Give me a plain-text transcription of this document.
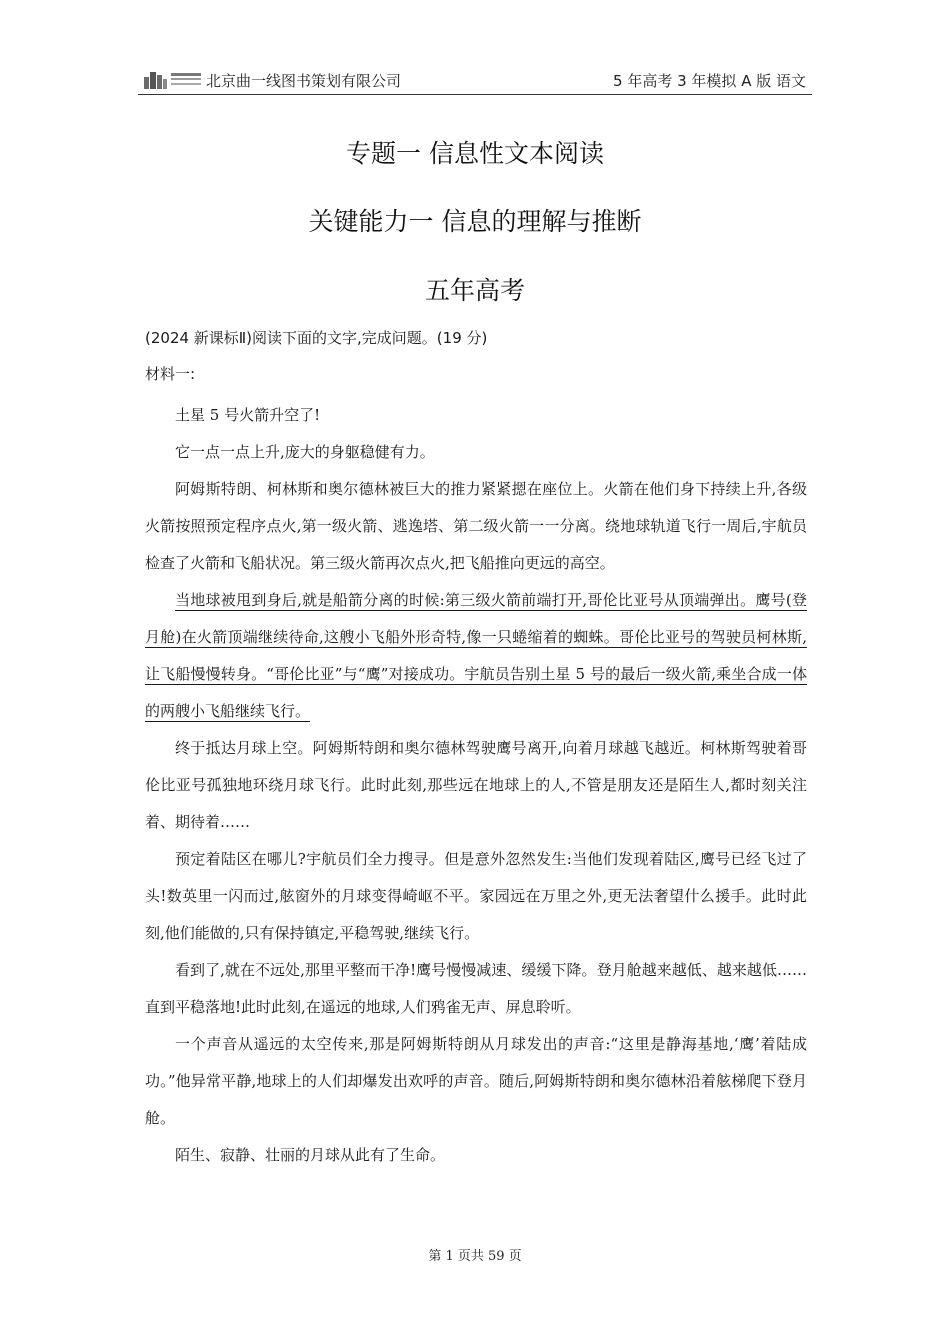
北京曲一线图书策划有限公司	5 年高考 3 年模拟 A 版 语文
专题一 信息性文本阅读
关键能力一 信息的理解与推断
五年高考
(2024 新课标Ⅱ)阅读下面的文字,完成问题。(19 分)
材料一:

土星 5 号火箭升空了!

它一点一点上升,庞大的身躯稳健有力。

阿姆斯特朗、柯林斯和奥尔德林被巨大的推力紧紧摁在座位上。火箭在他们身下持续上升,各级火箭按照预定程序点火,第一级火箭、逃逸塔、第二级火箭一一分离。绕地球轨道飞行一周后,宇航员检查了火箭和飞船状况。第三级火箭再次点火,把飞船推向更远的高空。

当地球被甩到身后,就是船箭分离的时候:第三级火箭前端打开,哥伦比亚号从顶端弹出。鹰号(登月舱)在火箭顶端继续待命,这艘小飞船外形奇特,像一只蜷缩着的蜘蛛。哥伦比亚号的驾驶员柯林斯,让飞船慢慢转身。“哥伦比亚”与“鹰”对接成功。宇航员告别土星 5 号的最后一级火箭,乘坐合成一体的两艘小飞船继续飞行。

终于抵达月球上空。阿姆斯特朗和奥尔德林驾驶鹰号离开,向着月球越飞越近。柯林斯驾驶着哥伦比亚号孤独地环绕月球飞行。此时此刻,那些远在地球上的人,不管是朋友还是陌生人,都时刻关注着、期待着……

预定着陆区在哪儿?宇航员们全力搜寻。但是意外忽然发生:当他们发现着陆区,鹰号已经飞过了头!数英里一闪而过,舷窗外的月球变得崎岖不平。家园远在万里之外,更无法奢望什么援手。此时此刻,他们能做的,只有保持镇定,平稳驾驶,继续飞行。

看到了,就在不远处,那里平整而干净!鹰号慢慢减速、缓缓下降。登月舱越来越低、越来越低……直到平稳落地!此时此刻,在遥远的地球,人们鸦雀无声、屏息聆听。

一个声音从遥远的太空传来,那是阿姆斯特朗从月球发出的声音:“这里是静海基地,‘鹰’着陆成功。”他异常平静,地球上的人们却爆发出欢呼的声音。随后,阿姆斯特朗和奥尔德林沿着舷梯爬下登月舱。

陌生、寂静、壮丽的月球从此有了生命。

第 1 页共 59 页
